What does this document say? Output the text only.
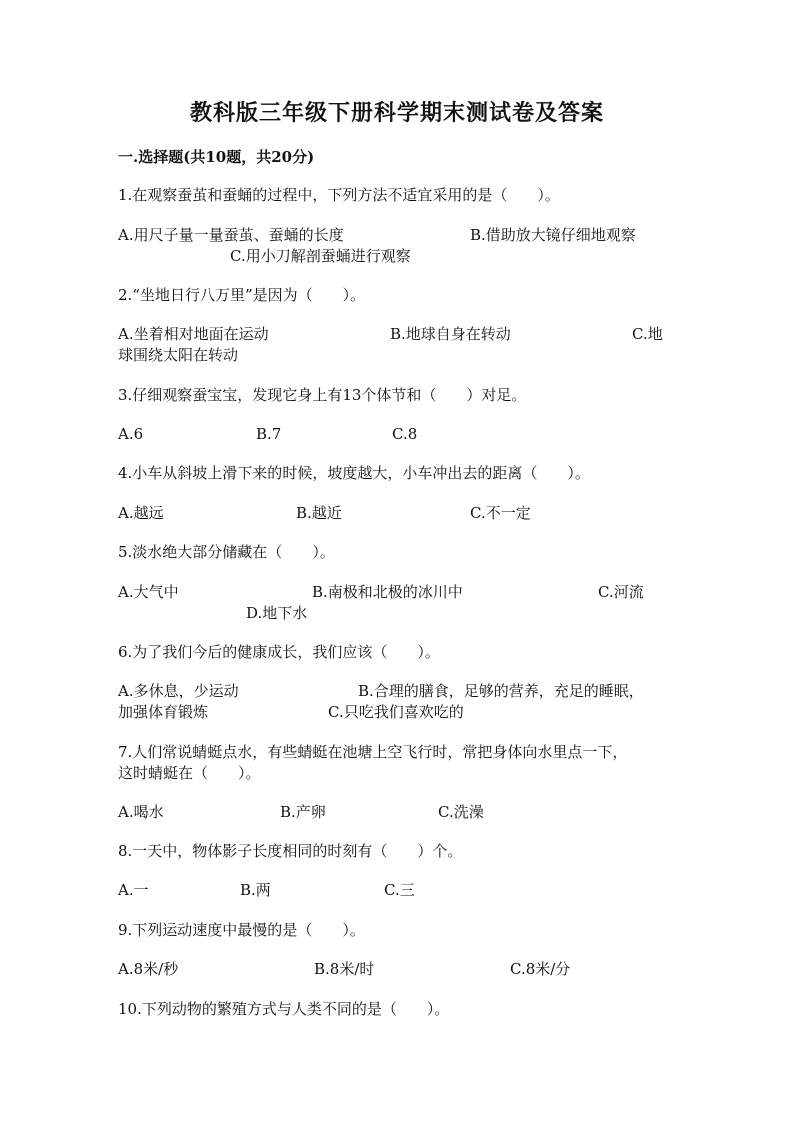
教科版三年级下册科学期末测试卷及答案
一.选择题(共10题，共20分)
1.在观察蚕茧和蚕蛹的过程中，下列方法不适宜采用的是（　　）。
A.用尺子量一量蚕茧、蚕蛹的长度	B.借助放大镜仔细地观察
C.用小刀解剖蚕蛹进行观察
2.“坐地日行八万里”是因为（　　）。
A.坐着相对地面在运动	B.地球自身在转动	C.地
球围绕太阳在转动
3.仔细观察蚕宝宝，发现它身上有13个体节和（　　）对足。
A.6	B.7	C.8
4.小车从斜坡上滑下来的时候，坡度越大，小车冲出去的距离（　　）。
A.越远	B.越近	C.不一定
5.淡水绝大部分储藏在（　　）。
A.大气中	B.南极和北极的冰川中	C.河流
D.地下水
6.为了我们今后的健康成长，我们应该（　　）。
A.多休息，少运动	B.合理的膳食，足够的营养，充足的睡眠，
加强体育锻炼	C.只吃我们喜欢吃的
7.人们常说蜻蜓点水，有些蜻蜓在池塘上空飞行时，常把身体向水里点一下，
这时蜻蜓在（　　）。
A.喝水	B.产卵	C.洗澡
8.一天中，物体影子长度相同的时刻有（　　）个。
A.一	B.两	C.三
9.下列运动速度中最慢的是（　　）。
A.8米/秒	B.8米/时	C.8米/分
10.下列动物的繁殖方式与人类不同的是（　　）。
